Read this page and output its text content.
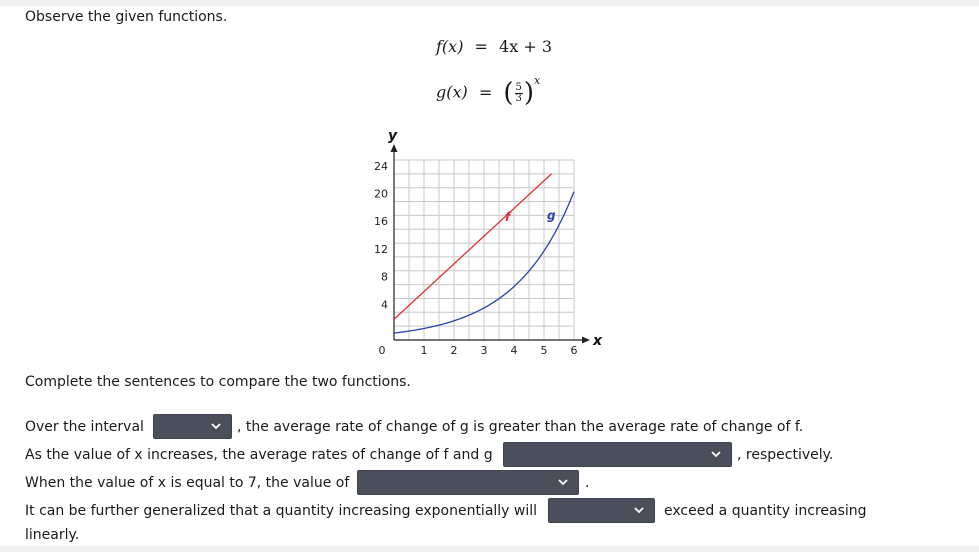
Observe the given functions.
f(x) = 4x + 3
g(x) = ( $\frac{5}{3} )^x$
0	1 2 3 4 5 6
4
8
12
16
20
24
y
x
f	g
Complete the sentences to compare the two functions.
Over the interval	, the average rate of change of g is greater than the average rate of change of f.
As the value of x increases, the average rates of change of f and g	, respectively.
When the value of x is equal to 7, the value of	.
It can be further generalized that a quantity increasing exponentially will	exceed a quantity increasing
linearly.
